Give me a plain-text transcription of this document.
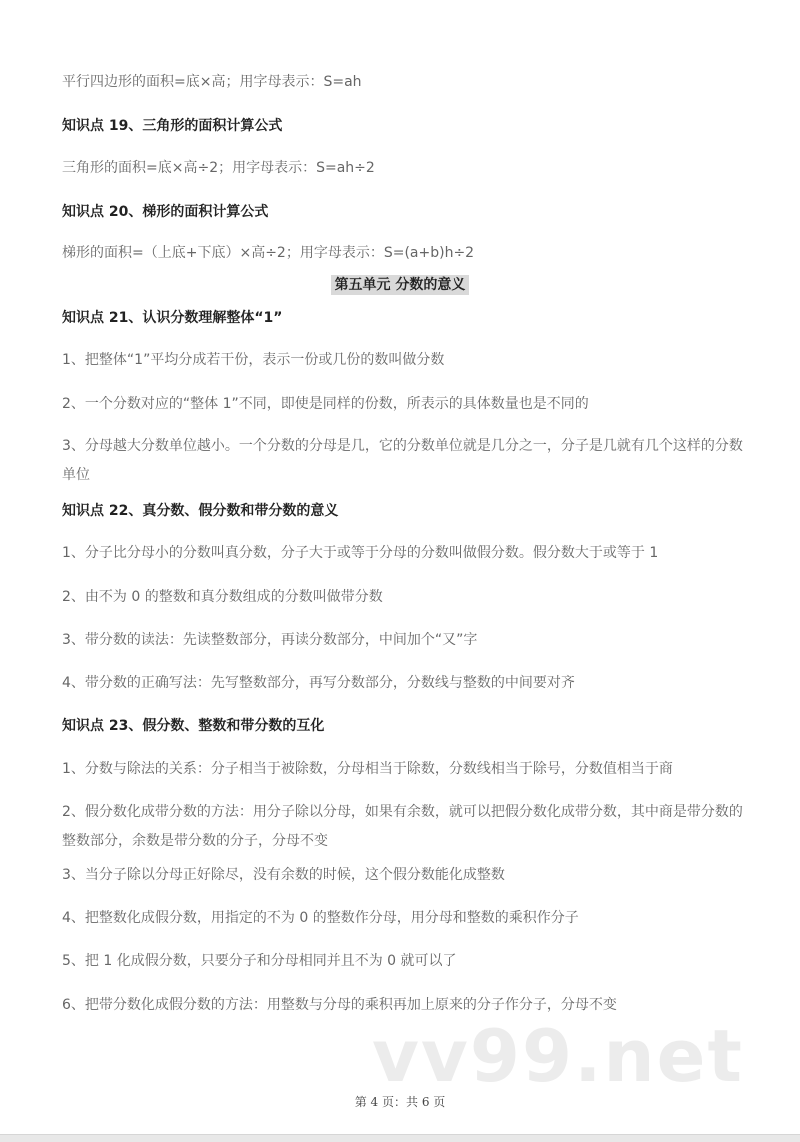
平行四边形的面积=底×高；用字母表示：S=ah
知识点 19、三角形的面积计算公式
三角形的面积=底×高÷2；用字母表示：S=ah÷2
知识点 20、梯形的面积计算公式
梯形的面积=（上底+下底）×高÷2；用字母表示：S=(a+b)h÷2
第五单元 分数的意义
知识点 21、认识分数理解整体“1”
1、把整体“1”平均分成若干份，表示一份或几份的数叫做分数
2、一个分数对应的“整体 1”不同，即使是同样的份数，所表示的具体数量也是不同的
3、分母越大分数单位越小。一个分数的分母是几，它的分数单位就是几分之一，分子是几就有几个这样的分数单位
知识点 22、真分数、假分数和带分数的意义
1、分子比分母小的分数叫真分数，分子大于或等于分母的分数叫做假分数。假分数大于或等于 1
2、由不为 0 的整数和真分数组成的分数叫做带分数
3、带分数的读法：先读整数部分，再读分数部分，中间加个“又”字
4、带分数的正确写法：先写整数部分，再写分数部分，分数线与整数的中间要对齐
知识点 23、假分数、整数和带分数的互化
1、分数与除法的关系：分子相当于被除数，分母相当于除数，分数线相当于除号，分数值相当于商
2、假分数化成带分数的方法：用分子除以分母，如果有余数，就可以把假分数化成带分数，其中商是带分数的整数部分，余数是带分数的分子，分母不变
3、当分子除以分母正好除尽，没有余数的时候，这个假分数能化成整数
4、把整数化成假分数，用指定的不为 0 的整数作分母，用分母和整数的乘积作分子
5、把 1 化成假分数，只要分子和分母相同并且不为 0 就可以了
6、把带分数化成假分数的方法：用整数与分母的乘积再加上原来的分子作分子，分母不变
vv99.net
第 4 页：共 6 页
